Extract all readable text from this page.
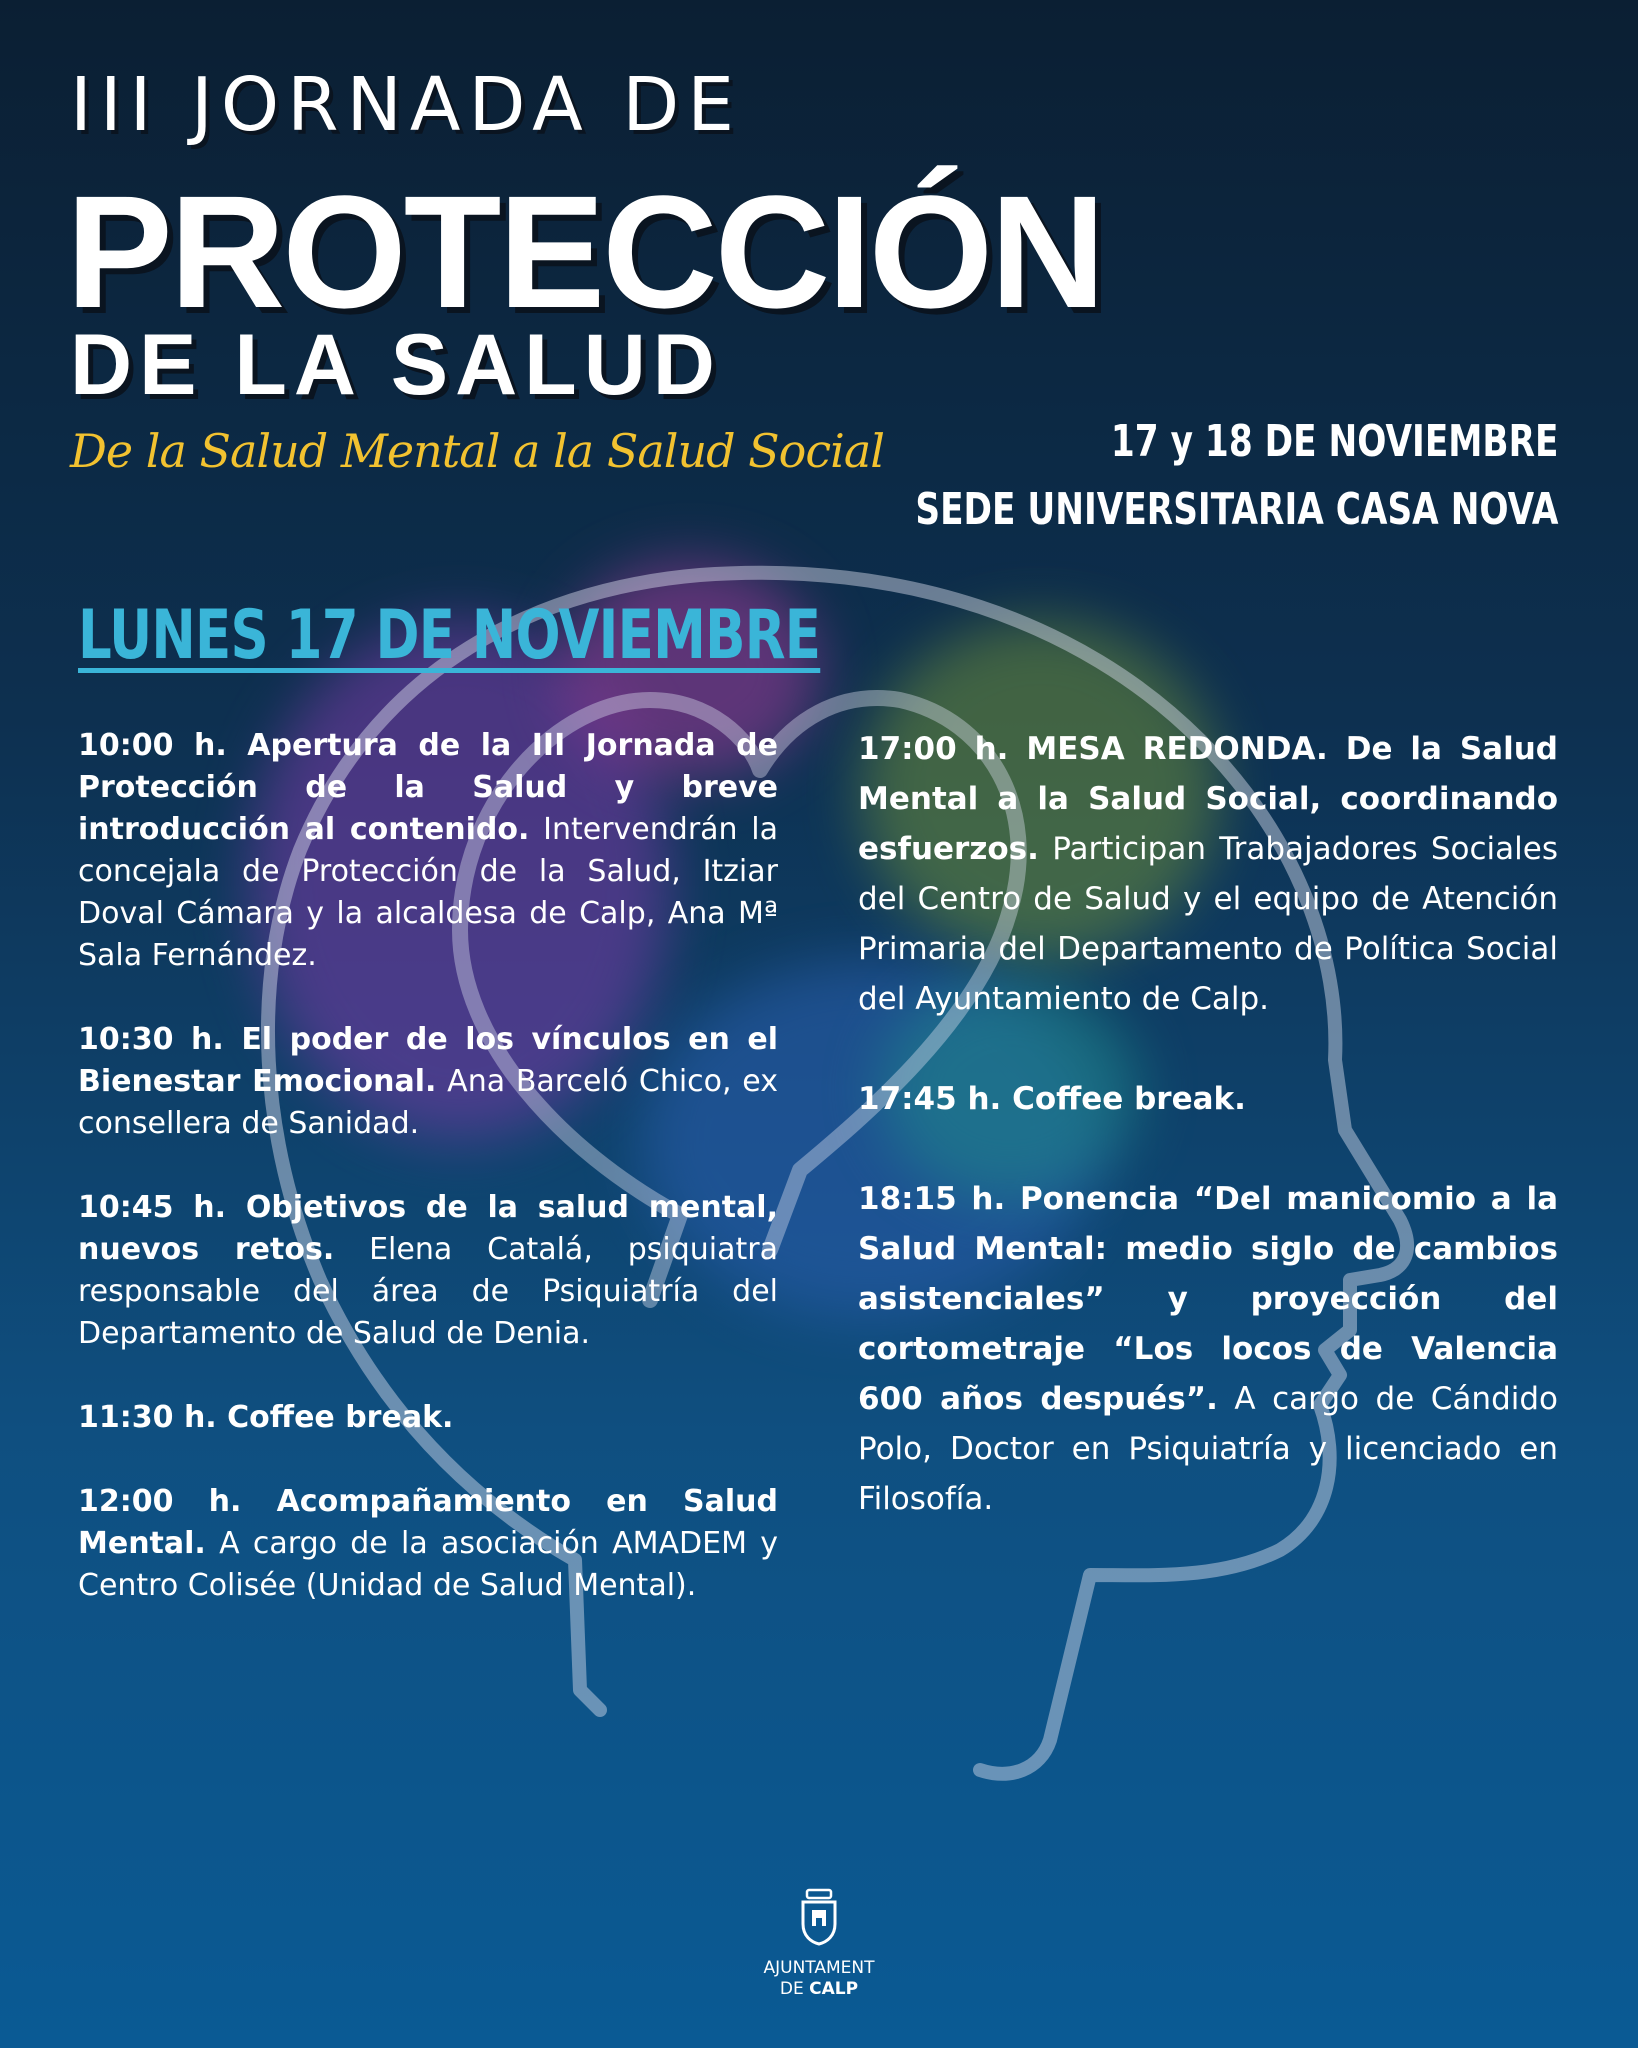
III JORNADA DE
PROTECCIÓN
DE LA SALUD
De la Salud Mental a la Salud Social	17 y 18 DE NOVIEMBRE
SEDE UNIVERSITARIA CASA NOVA
LUNES 17 DE NOVIEMBRE

10:00 h. Apertura de la III Jornada de Protección de la Salud y breve introducción al contenido. Intervendrán la concejala de Protección de la Salud, Itziar Doval Cámara y la alcaldesa de Calp, Ana Mª Sala Fernández.

10:30 h. El poder de los vínculos en el Bienestar Emocional. Ana Barceló Chico, ex consellera de Sanidad.

10:45 h. Objetivos de la salud mental, nuevos retos. Elena Catalá, psiquiatra responsable del área de Psiquiatría del Departamento de Salud de Denia.

11:30 h. Coffee break.

12:00 h. Acompañamiento en Salud Mental. A cargo de la asociación AMADEM y Centro Colisée (Unidad de Salud Mental).

17:00 h. MESA REDONDA. De la Salud Mental a la Salud Social, coordinando esfuerzos. Participan Trabajadores Sociales del Centro de Salud y el equipo de Atención Primaria del Departamento de Política Social del Ayuntamiento de Calp.

17:45 h. Coffee break.

18:15 h. Ponencia “Del manicomio a la Salud Mental: medio siglo de cambios asistenciales” y proyección del cortometraje “Los locos de Valencia 600 años después”. A cargo de Cándido Polo, Doctor en Psiquiatría y licenciado en Filosofía.

AJUNTAMENT
DE CALP
